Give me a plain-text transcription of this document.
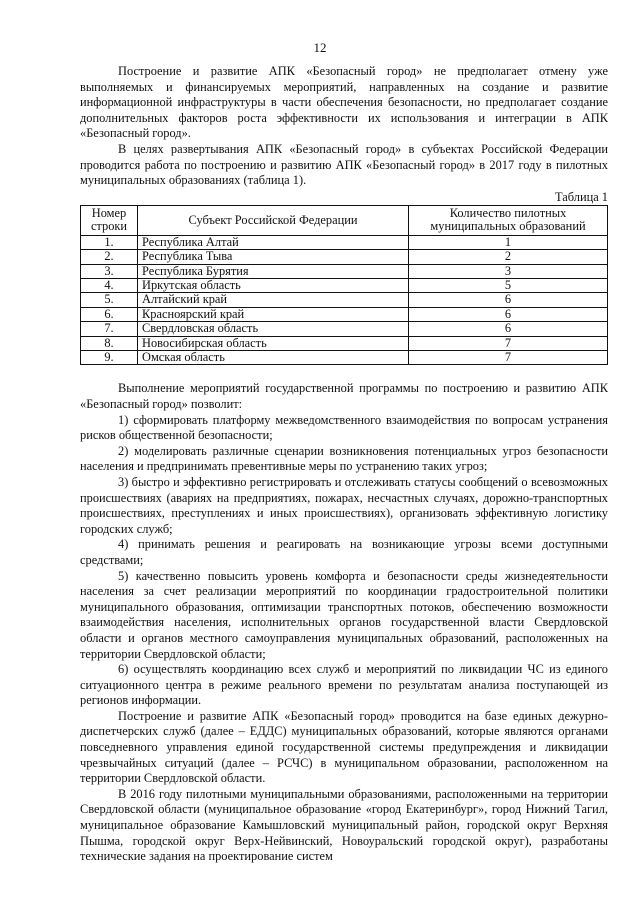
12

Построение и развитие АПК «Безопасный город» не предполагает отмену уже выполняемых и финансируемых мероприятий, направленных на создание и развитие информационной инфраструктуры в части обеспечения безопасности, но предполагает создание дополнительных факторов роста эффективности их использования и интеграции в АПК «Безопасный город».

В целях развертывания АПК «Безопасный город» в субъектах Российской Федерации проводится работа по построению и развитию АПК «Безопасный город» в 2017 году в пилотных муниципальных образованиях (таблица 1).

Таблица 1
Номер строки	Субъект Российской Федерации	Количество пилотных муниципальных образований
1.	Республика Алтай	1
2.	Республика Тыва	2
3.	Республика Бурятия	3
4.	Иркутская область	5
5.	Алтайский край	6
6.	Красноярский край	6
7.	Свердловская область	6
8.	Новосибирская область	7
9.	Омская область	7

Выполнение мероприятий государственной программы по построению и развитию АПК «Безопасный город» позволит:

1) сформировать платформу межведомственного взаимодействия по вопросам устранения рисков общественной безопасности;

2) моделировать различные сценарии возникновения потенциальных угроз безопасности населения и предпринимать превентивные меры по устранению таких угроз;

3) быстро и эффективно регистрировать и отслеживать статусы сообщений о всевозможных происшествиях (авариях на предприятиях, пожарах, несчастных случаях, дорожно-транспортных происшествиях, преступлениях и иных происшествиях), организовать эффективную логистику городских служб;

4) принимать решения и реагировать на возникающие угрозы всеми доступными средствами;

5) качественно повысить уровень комфорта и безопасности среды жизнедеятельности населения за счет реализации мероприятий по координации градостроительной политики муниципального образования, оптимизации транспортных потоков, обеспечению возможности взаимодействия населения, исполнительных органов государственной власти Свердловской области и органов местного самоуправления муниципальных образований, расположенных на территории Свердловской области;

6) осуществлять координацию всех служб и мероприятий по ликвидации ЧС из единого ситуационного центра в режиме реального времени по результатам анализа поступающей из регионов информации.

Построение и развитие АПК «Безопасный город» проводится на базе единых дежурно-диспетчерских служб (далее – ЕДДС) муниципальных образований, которые являются органами повседневного управления единой государственной системы предупреждения и ликвидации чрезвычайных ситуаций (далее – РСЧС) в муниципальном образовании, расположенном на территории Свердловской области.

В 2016 году пилотными муниципальными образованиями, расположенными на территории Свердловской области (муниципальное образование «город Екатеринбург», город Нижний Тагил, муниципальное образование Камышловский муниципальный район, городской округ Верхняя Пышма, городской округ Верх-Нейвинский, Новоуральский городской округ), разработаны технические задания на проектирование систем
